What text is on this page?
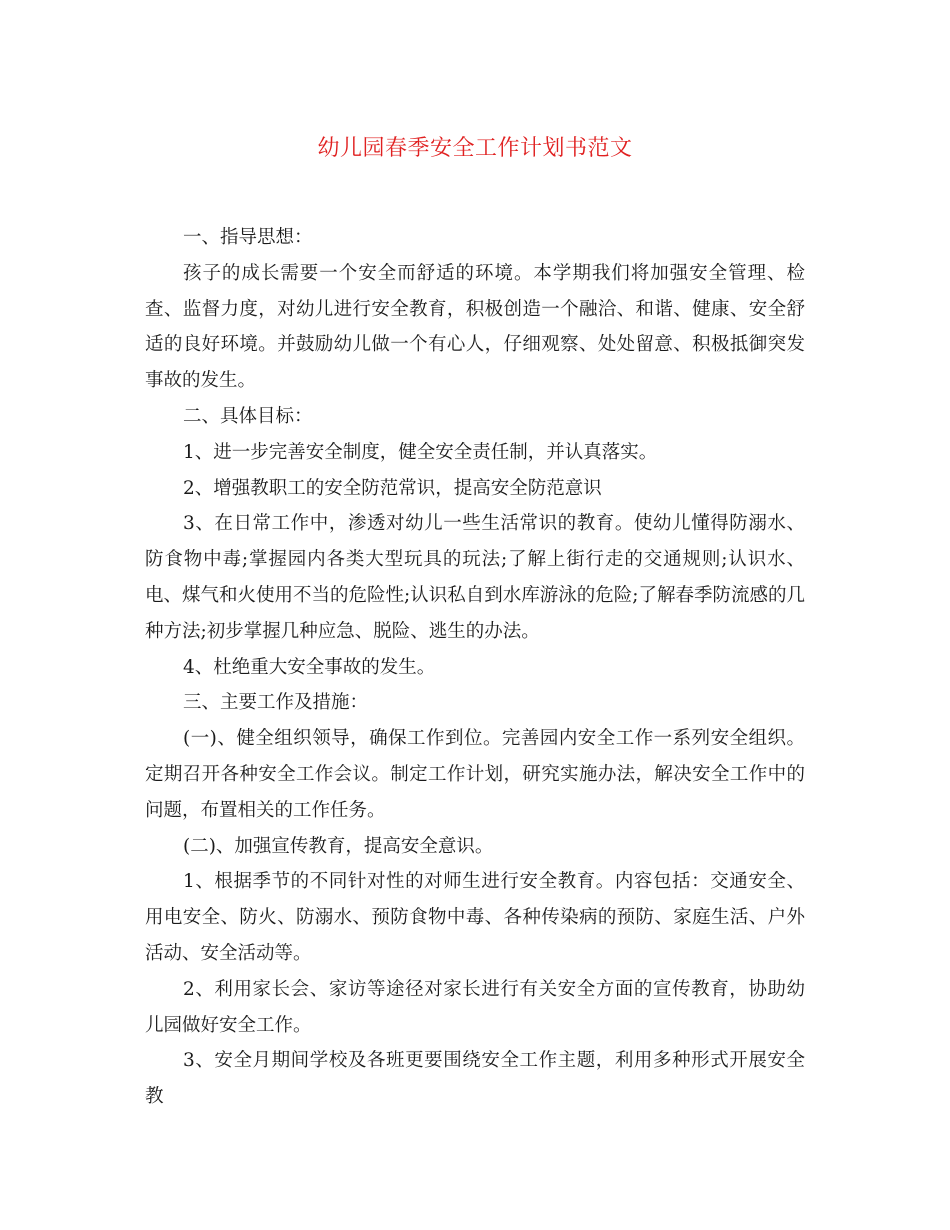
幼儿园春季安全工作计划书范文

一、指导思想：

孩子的成长需要一个安全而舒适的环境。本学期我们将加强安全管理、检查、监督力度，对幼儿进行安全教育，积极创造一个融洽、和谐、健康、安全舒适的良好环境。并鼓励幼儿做一个有心人，仔细观察、处处留意、积极抵御突发事故的发生。

二、具体目标：

1、进一步完善安全制度，健全安全责任制，并认真落实。

2、增强教职工的安全防范常识，提高安全防范意识

3、在日常工作中，渗透对幼儿一些生活常识的教育。使幼儿懂得防溺水、防食物中毒;掌握园内各类大型玩具的玩法;了解上街行走的交通规则;认识水、电、煤气和火使用不当的危险性;认识私自到水库游泳的危险;了解春季防流感的几种方法;初步掌握几种应急、脱险、逃生的办法。

4、杜绝重大安全事故的发生。

三、主要工作及措施：

(一)、健全组织领导，确保工作到位。完善园内安全工作一系列安全组织。定期召开各种安全工作会议。制定工作计划，研究实施办法，解决安全工作中的问题，布置相关的工作任务。

(二)、加强宣传教育，提高安全意识。

1、根据季节的不同针对性的对师生进行安全教育。内容包括：交通安全、用电安全、防火、防溺水、预防食物中毒、各种传染病的预防、家庭生活、户外活动、安全活动等。

2、利用家长会、家访等途径对家长进行有关安全方面的宣传教育，协助幼儿园做好安全工作。

3、安全月期间学校及各班更要围绕安全工作主题，利用多种形式开展安全教
